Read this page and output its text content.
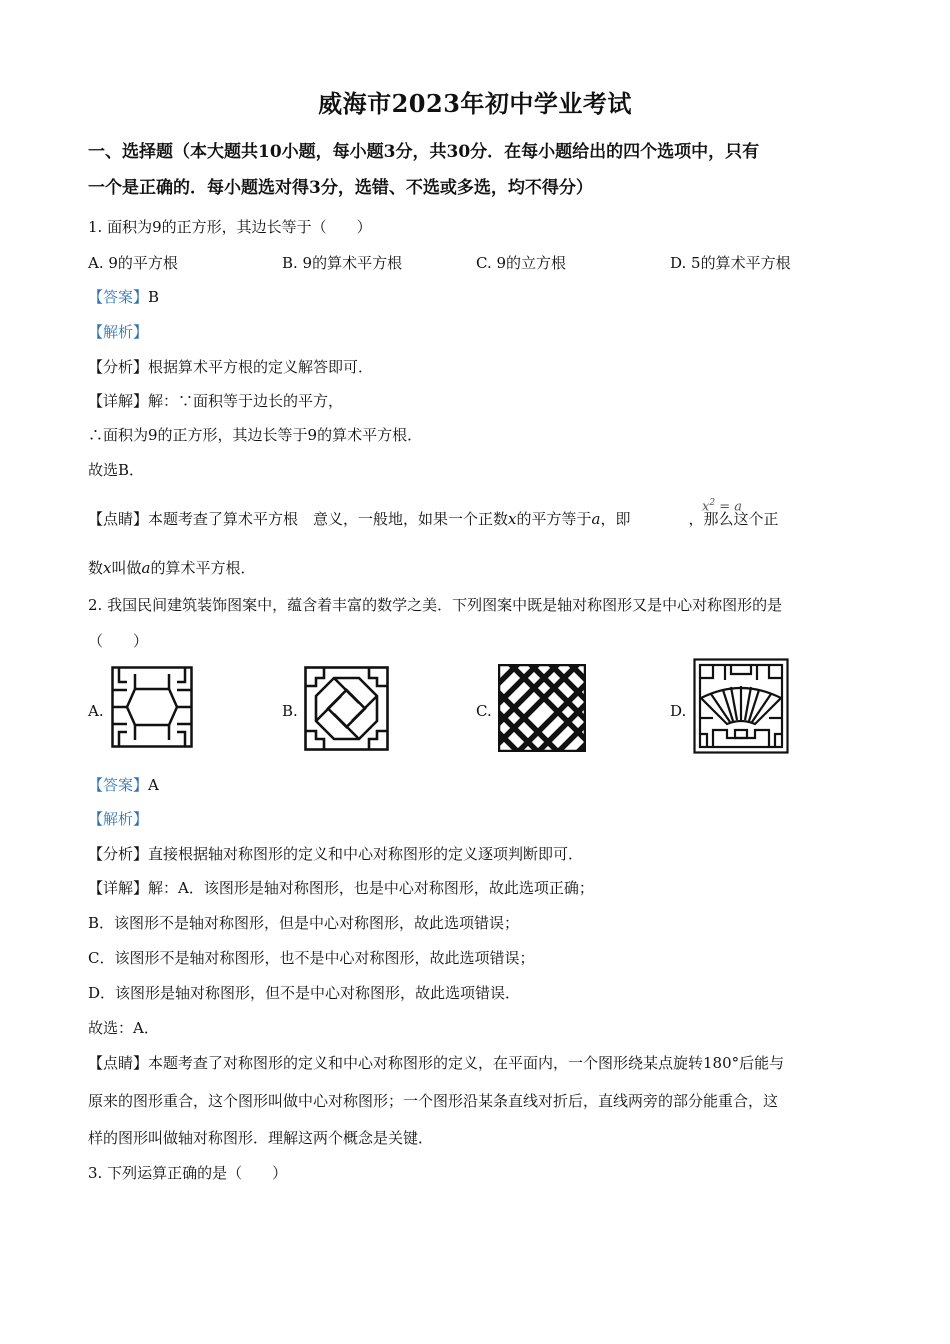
威海市2023年初中学业考试
一、选择题（本大题共10小题，每小题3分，共30分．在每小题给出的四个选项中，只有
一个是正确的．每小题选对得3分，选错、不选或多选，均不得分）
1. 面积为9的正方形，其边长等于（　　）
A. 9的平方根	B. 9的算术平方根	C. 9的立方根	D. 5的算术平方根
【答案】B
【解析】
【分析】根据算术平方根的定义解答即可．
【详解】解：∵面积等于边长的平方，
∴面积为9的正方形，其边长等于9的算术平方根．
故选B．
【点睛】本题考查了算术平方根　意义，一般地，如果一个正数x的平方等于a，即	，那么这个正
$x^2 = a$
数x叫做a的算术平方根．
2. 我国民间建筑装饰图案中，蕴含着丰富的数学之美．下列图案中既是轴对称图形又是中心对称图形的是
（　　）
A.	B.	C.	D.
【答案】A
【解析】
【分析】直接根据轴对称图形的定义和中心对称图形的定义逐项判断即可．
【详解】解：A．该图形是轴对称图形，也是中心对称图形，故此选项正确；
B．该图形不是轴对称图形，但是中心对称图形，故此选项错误；
C．该图形不是轴对称图形，也不是中心对称图形，故此选项错误；
D．该图形是轴对称图形，但不是中心对称图形，故此选项错误．
故选：A．
【点睛】本题考查了对称图形的定义和中心对称图形的定义，在平面内，一个图形绕某点旋转180°后能与
原来的图形重合，这个图形叫做中心对称图形；一个图形沿某条直线对折后，直线两旁的部分能重合，这
样的图形叫做轴对称图形．理解这两个概念是关键．
3. 下列运算正确的是（　　）
